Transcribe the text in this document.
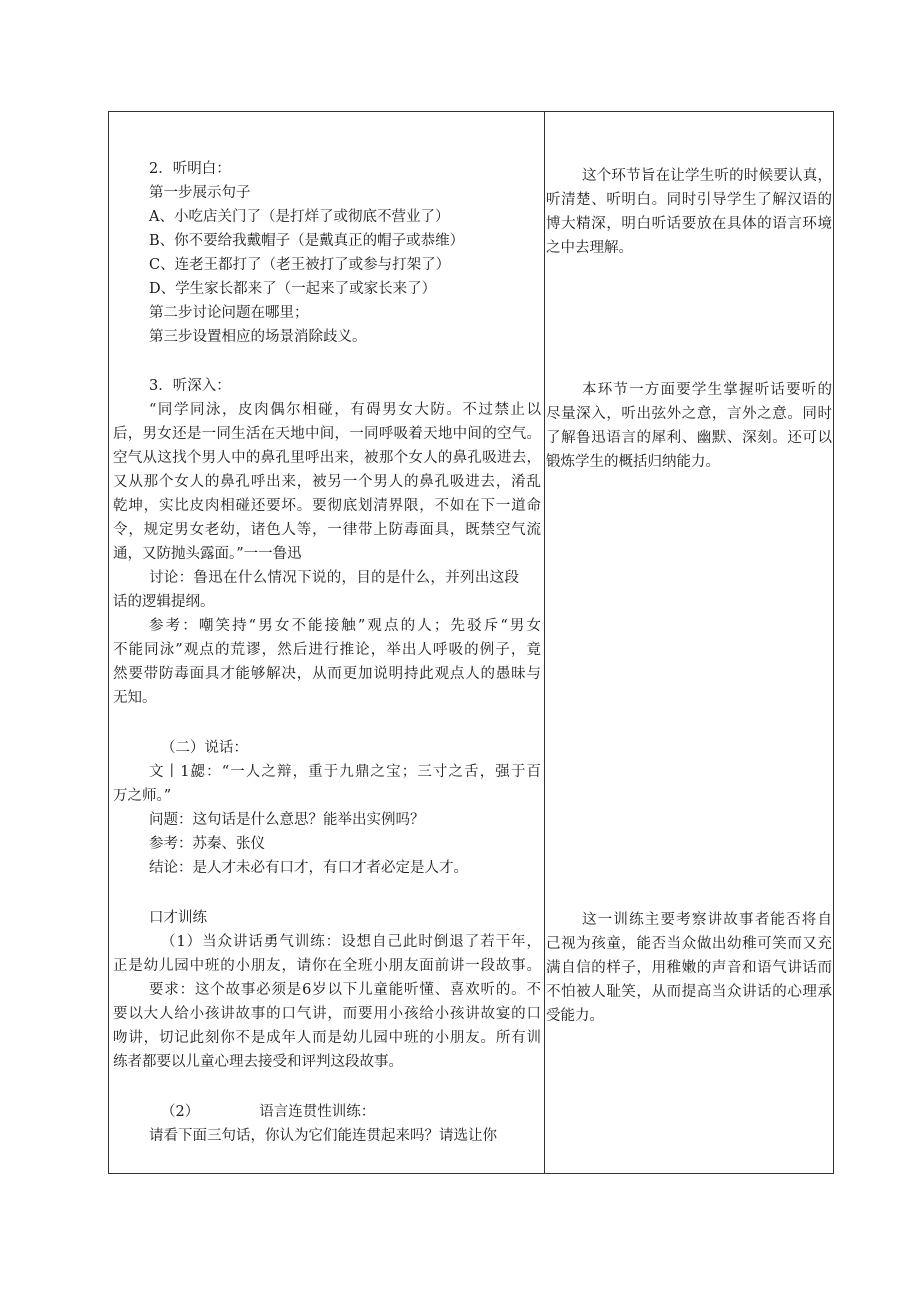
2．听明白：
第一步展示句子
A、小吃店关门了（是打烊了或彻底不营业了）
B、你不要给我戴帽子（是戴真正的帽子或恭维）
C、连老王都打了（老王被打了或参与打架了）
D、学生家长都来了（一起来了或家长来了）
第二步讨论问题在哪里；
第三步设置相应的场景消除歧义。
3．听深入：
“同学同泳，皮肉偶尔相碰，有碍男女大防。不过禁止以
后，男女还是一同生活在天地中间，一同呼吸着天地中间的空气。
空气从这找个男人中的鼻孔里呼出来，被那个女人的鼻孔吸进去，
又从那个女人的鼻孔呼出来，被另一个男人的鼻孔吸进去，淆乱
乾坤，实比皮肉相碰还要坏。要彻底划清界限，不如在下一道命
令，规定男女老幼，诸色人等，一律带上防毒面具，既禁空气流
通，又防抛头露面。”一一鲁迅
讨论：鲁迅在什么情况下说的，目的是什么，并列出这段
话的逻辑提纲。
参考：嘲笑持“男女不能接触”观点的人；先驳斥“男女
不能同泳”观点的荒谬，然后进行推论，举出人呼吸的例子，竟
然要带防毒面具才能够解决，从而更加说明持此观点人的愚昧与
无知。
（二）说话：
文丨1勰：“一人之辩，重于九鼎之宝；三寸之舌，强于百
万之师。”
问题：这句话是什么意思？能举出实例吗？
参考：苏秦、张仪
结论：是人才未必有口才，有口才者必定是人才。
口才训练
（1）当众讲话勇气训练：设想自己此时倒退了若干年，
正是幼儿园中班的小朋友，请你在全班小朋友面前讲一段故事。
要求：这个故事必须是6岁以下儿童能听懂、喜欢听的。不
要以大人给小孩讲故事的口气讲，而要用小孩给小孩讲故宴的口
吻讲，切记此刻你不是成年人而是幼儿园中班的小朋友。所有训
练者都要以儿童心理去接受和评判这段故事。
（2）	语言连贯性训练：
请看下面三句话，你认为它们能连贯起来吗？请选让你
这个环节旨在让学生听的时候要认真，
听清楚、听明白。同时引导学生了解汉语的
博大精深，明白听话要放在具体的语言环境
之中去理解。
本环节一方面要学生掌握听话要听的
尽量深入，听出弦外之意，言外之意。同时
了解鲁迅语言的犀利、幽默、深刻。还可以
锻炼学生的概括归纳能力。
这一训练主要考察讲故事者能否将自
己视为孩童，能否当众做出幼稚可笑而又充
满自信的样子，用稚嫩的声音和语气讲话而
不怕被人耻笑，从而提高当众讲话的心理承
受能力。
